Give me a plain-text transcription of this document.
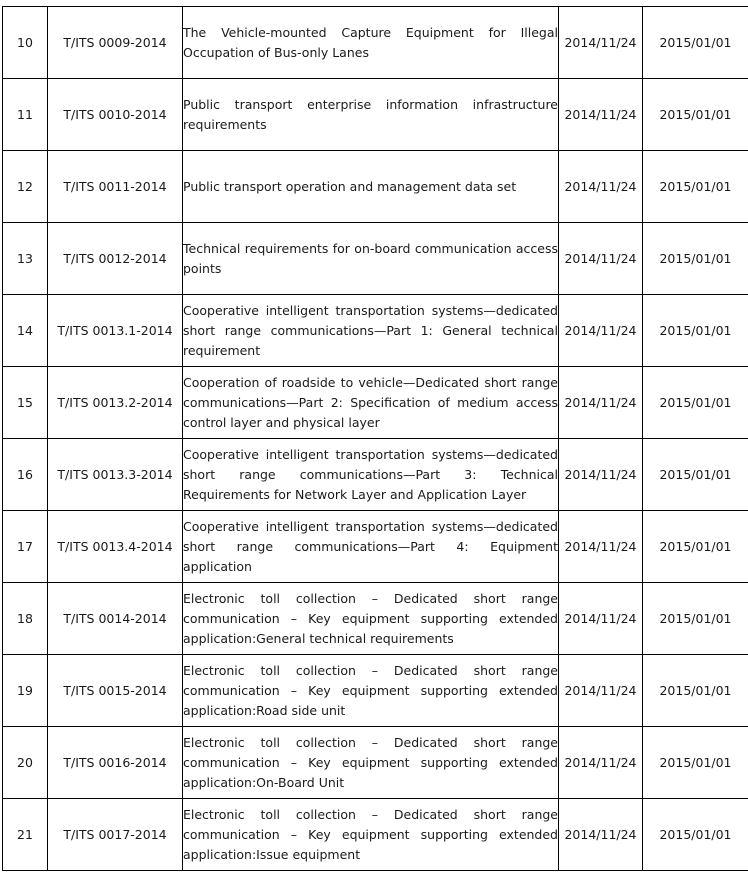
10	T/ITS 0009-2014	The Vehicle-mounted Capture Equipment for Illegal Occupation of Bus-only Lanes	2014/11/24	2015/01/01
11	T/ITS 0010-2014	Public transport enterprise information infrastructure requirements	2014/11/24	2015/01/01
12	T/ITS 0011-2014	Public transport operation and management data set	2014/11/24	2015/01/01
13	T/ITS 0012-2014	Technical requirements for on-board communication access points	2014/11/24	2015/01/01
14	T/ITS 0013.1-2014	Cooperative intelligent transportation systems—dedicated short range communications—Part 1: General technical requirement	2014/11/24	2015/01/01
15	T/ITS 0013.2-2014	Cooperation of roadside to vehicle—Dedicated short range communications—Part 2: Specification of medium access control layer and physical layer	2014/11/24	2015/01/01
16	T/ITS 0013.3-2014	Cooperative intelligent transportation systems—dedicated short range communications—Part 3: Technical Requirements for Network Layer and Application Layer	2014/11/24	2015/01/01
17	T/ITS 0013.4-2014	Cooperative intelligent transportation systems—dedicated short range communications—Part 4: Equipment application	2014/11/24	2015/01/01
18	T/ITS 0014-2014	Electronic toll collection – Dedicated short range communication – Key equipment supporting extended application:General technical requirements	2014/11/24	2015/01/01
19	T/ITS 0015-2014	Electronic toll collection – Dedicated short range communication – Key equipment supporting extended application:Road side unit	2014/11/24	2015/01/01
20	T/ITS 0016-2014	Electronic toll collection – Dedicated short range communication – Key equipment supporting extended application:On-Board Unit	2014/11/24	2015/01/01
21	T/ITS 0017-2014	Electronic toll collection – Dedicated short range communication – Key equipment supporting extended application:Issue equipment	2014/11/24	2015/01/01
